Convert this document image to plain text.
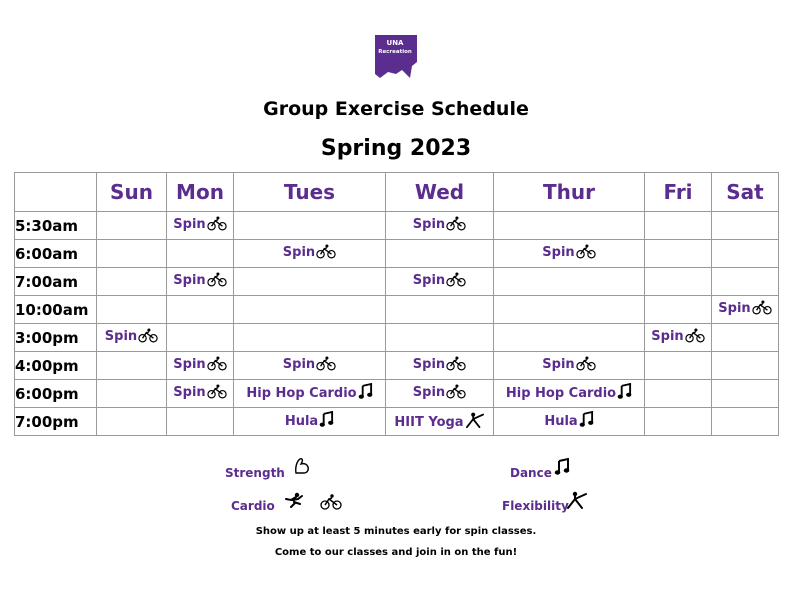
UNA
Recreation
Group Exercise Schedule
Spring 2023
	Sun	Mon	Tues	Wed	Thur	Fri	Sat
5:30am		Spin		Spin			
6:00am			Spin		Spin		
7:00am		Spin		Spin			
10:00am							Spin
3:00pm	Spin					Spin	
4:00pm		Spin	Spin	Spin	Spin		
6:00pm		Spin	Hip Hop Cardio	Spin	Hip Hop Cardio		
7:00pm			Hula	HIIT Yoga	Hula		
Strength	Dance
Cardio	Flexibility
Show up at least 5 minutes early for spin classes.
Come to our classes and join in on the fun!
